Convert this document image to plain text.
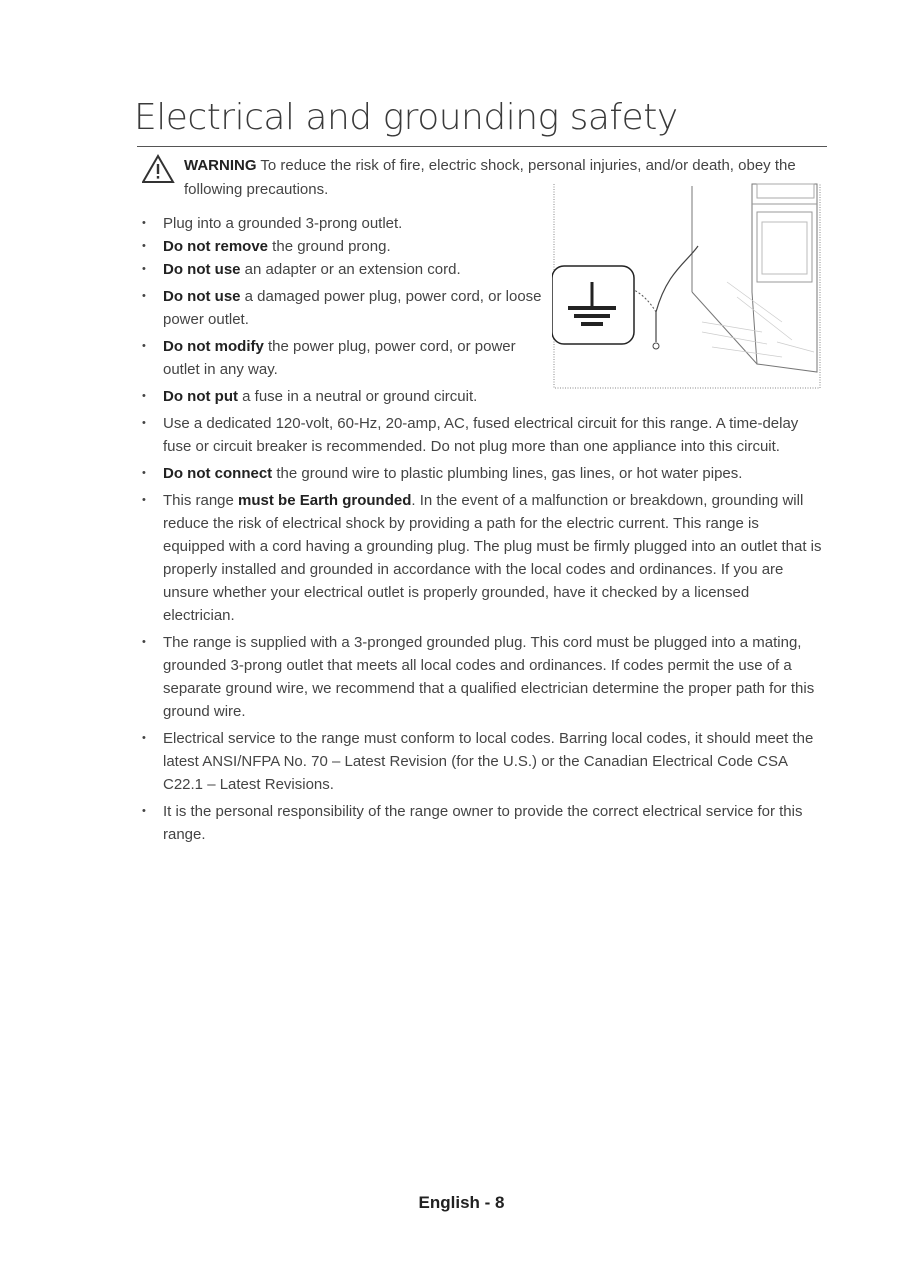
Electrical and grounding safety
WARNING To reduce the risk of fire, electric shock, personal injuries, and/or death, obey the
following precautions.
• Plug into a grounded 3-prong outlet.
• Do not remove the ground prong.
• Do not use an adapter or an extension cord.
• Do not use a damaged power plug, power cord, or loose power outlet.
• Do not modify the power plug, power cord, or power outlet in any way.
• Do not put a fuse in a neutral or ground circuit.
• Use a dedicated 120-volt, 60-Hz, 20-amp, AC, fused electrical circuit for this range. A time-delay fuse or circuit breaker is recommended. Do not plug more than one appliance into this circuit.
• Do not connect the ground wire to plastic plumbing lines, gas lines, or hot water pipes.
• This range must be Earth grounded. In the event of a malfunction or breakdown, grounding will reduce the risk of electrical shock by providing a path for the electric current. This range is equipped with a cord having a grounding plug. The plug must be firmly plugged into an outlet that is properly installed and grounded in accordance with the local codes and ordinances. If you are unsure whether your electrical outlet is properly grounded, have it checked by a licensed electrician.
• The range is supplied with a 3-pronged grounded plug. This cord must be plugged into a mating, grounded 3-prong outlet that meets all local codes and ordinances. If codes permit the use of a separate ground wire, we recommend that a qualified electrician determine the proper path for this ground wire.
• Electrical service to the range must conform to local codes. Barring local codes, it should meet the latest ANSI/NFPA No. 70 – Latest Revision (for the U.S.) or the Canadian Electrical Code CSA C22.1 – Latest Revisions.
• It is the personal responsibility of the range owner to provide the correct electrical service for this range.
English - 8
